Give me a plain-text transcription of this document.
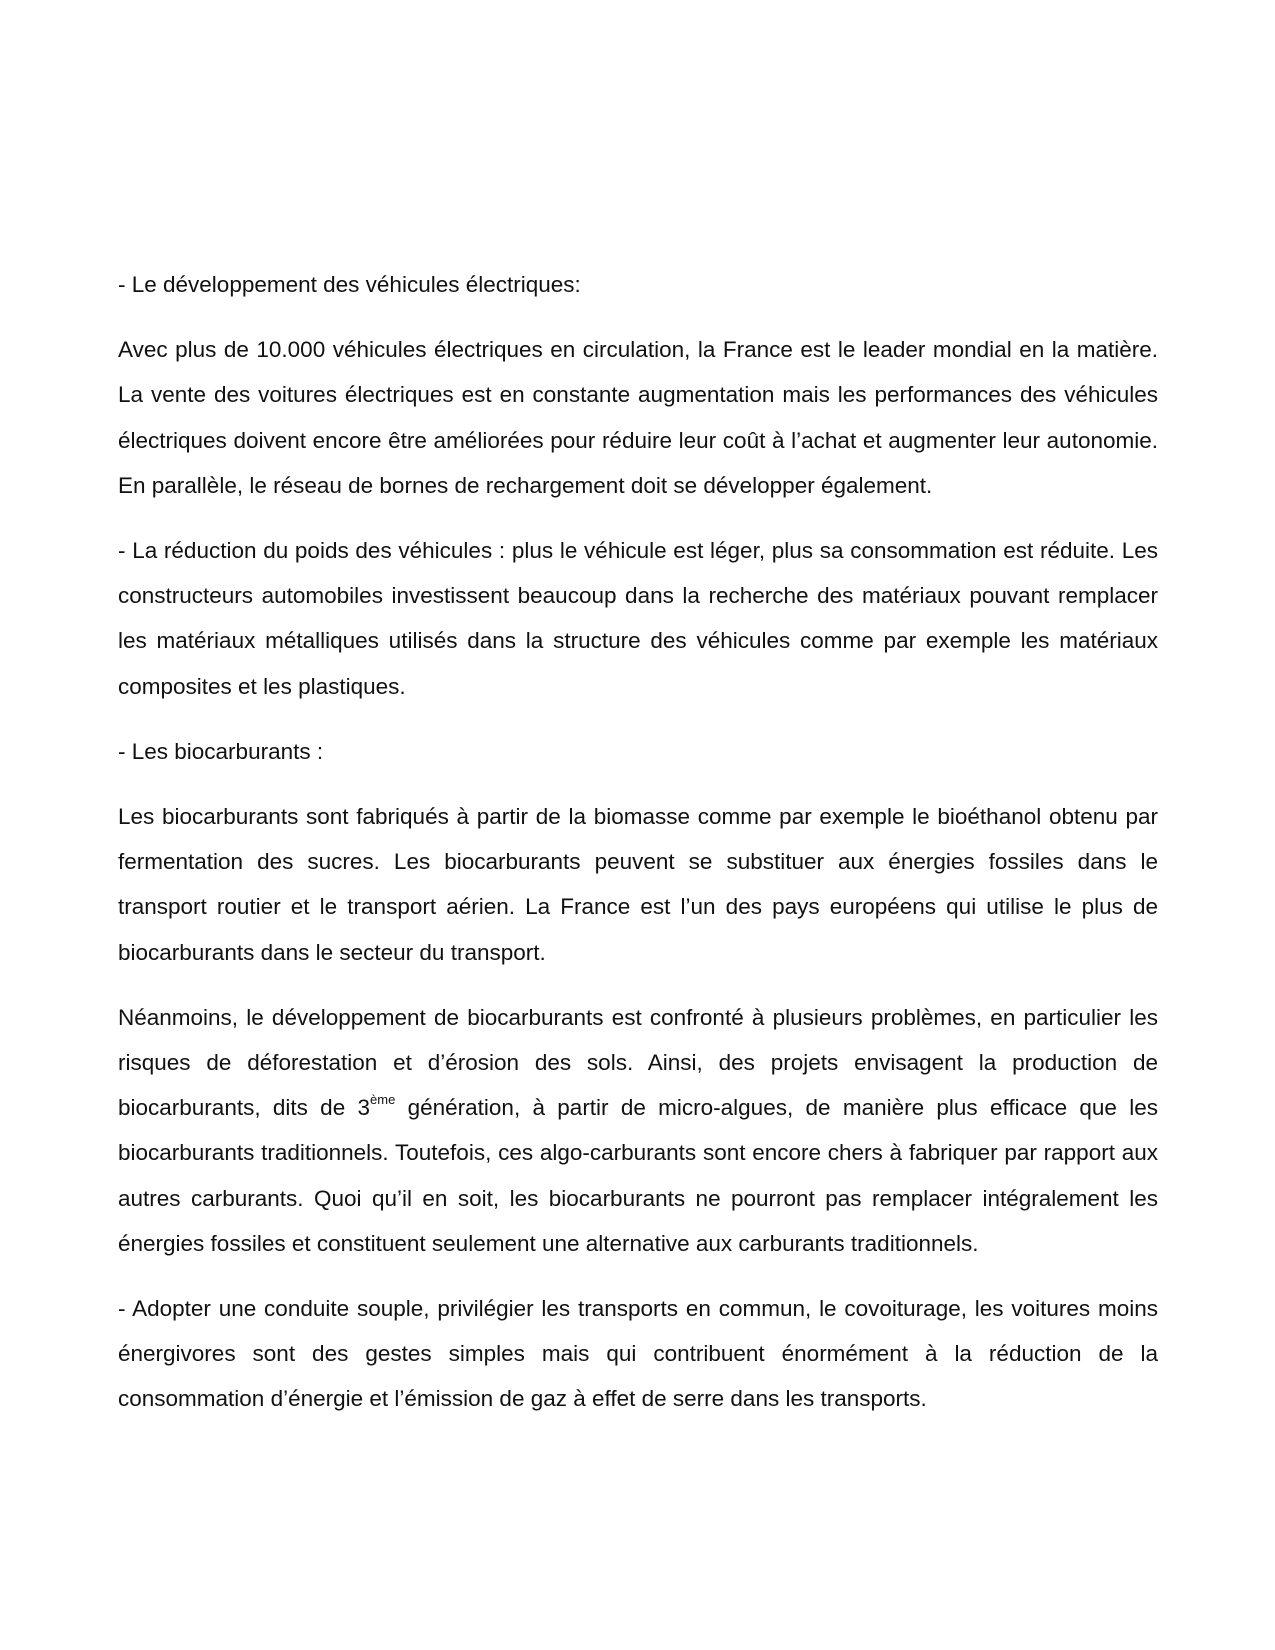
- Le développement des véhicules électriques:

Avec plus de 10.000 véhicules électriques en circulation, la France est le leader mondial en la matière. La vente des voitures électriques est en constante augmentation mais les performances des véhicules électriques doivent encore être améliorées pour réduire leur coût à l’achat et augmenter leur autonomie. En parallèle, le réseau de bornes de rechargement doit se développer également.

- La réduction du poids des véhicules : plus le véhicule est léger, plus sa consommation est réduite. Les constructeurs automobiles investissent beaucoup dans la recherche des matériaux pouvant remplacer les matériaux métalliques utilisés dans la structure des véhicules comme par exemple les matériaux composites et les plastiques.

- Les biocarburants :

Les biocarburants sont fabriqués à partir de la biomasse comme par exemple le bioéthanol obtenu par fermentation des sucres. Les biocarburants peuvent se substituer aux énergies fossiles dans le transport routier et le transport aérien. La France est l’un des pays européens qui utilise le plus de biocarburants dans le secteur du transport.

Néanmoins, le développement de biocarburants est confronté à plusieurs problèmes, en particulier les risques de déforestation et d’érosion des sols. Ainsi, des projets envisagent la production de biocarburants, dits de 3ème génération, à partir de micro-algues, de manière plus efficace que les biocarburants traditionnels. Toutefois, ces algo-carburants sont encore chers à fabriquer par rapport aux autres carburants. Quoi qu’il en soit, les biocarburants ne pourront pas remplacer intégralement les énergies fossiles et constituent seulement une alternative aux carburants traditionnels.

- Adopter une conduite souple, privilégier les transports en commun, le covoiturage, les voitures moins énergivores sont des gestes simples mais qui contribuent énormément à la réduction de la consommation d’énergie et l’émission de gaz à effet de serre dans les transports.
